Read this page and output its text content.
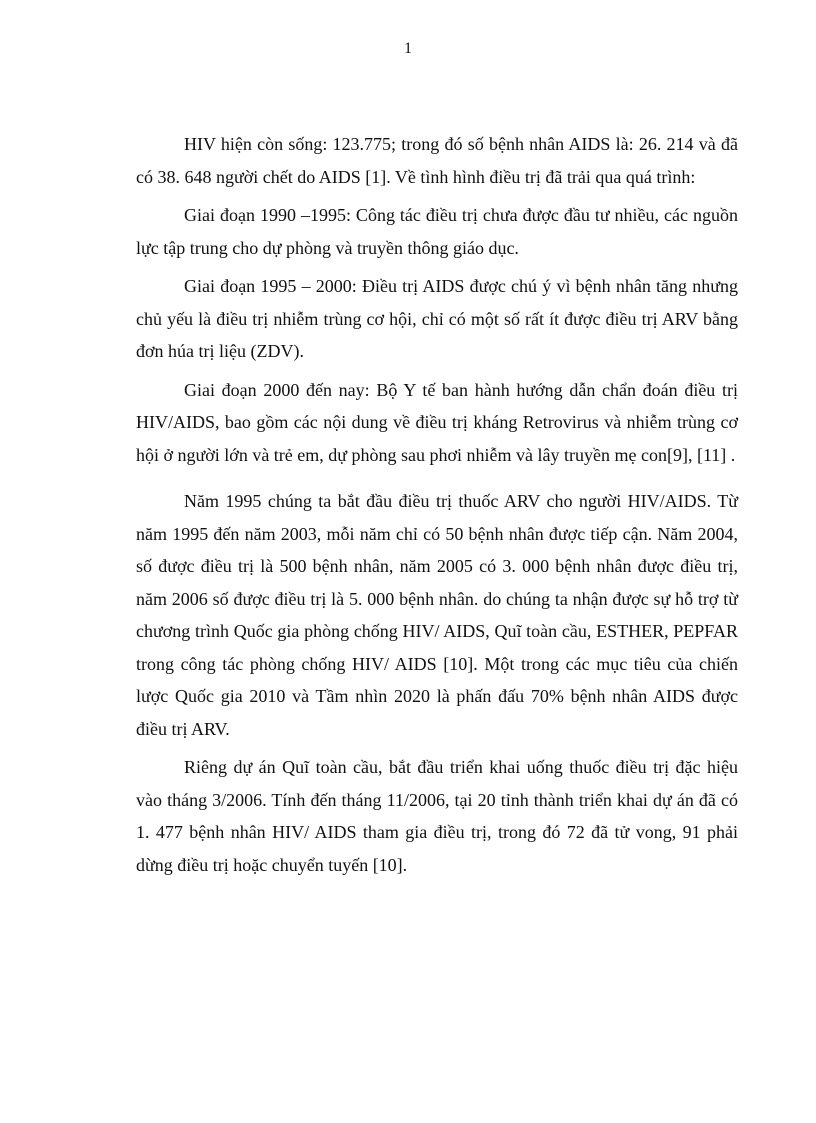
1

HIV hiện còn sống: 123.775; trong đó số bệnh nhân AIDS là: 26. 214 và đã có 38. 648 người chết do AIDS [1]. Về tình hình điều trị đã trải qua quá trình:

Giai đoạn 1990 –1995: Công tác điều trị chưa được đầu tư nhiều, các nguồn lực tập trung cho dự phòng và truyền thông giáo dục.

Giai đoạn 1995 – 2000: Điều trị AIDS được chú ý vì bệnh nhân tăng nhưng chủ yếu là điều trị nhiễm trùng cơ hội, chỉ có một số rất ít được điều trị ARV bằng đơn húa trị liệu (ZDV).

Giai đoạn 2000 đến nay: Bộ Y tế ban hành hướng dẫn chẩn đoán điều trị HIV/AIDS, bao gồm các nội dung về điều trị kháng Retrovirus và nhiễm trùng cơ hội ở người lớn và trẻ em, dự phòng sau phơi nhiễm và lây truyền mẹ con[9], [11] .

Năm 1995 chúng ta bắt đầu điều trị thuốc ARV cho người HIV/AIDS. Từ năm 1995 đến năm 2003, mỗi năm chỉ có 50 bệnh nhân được tiếp cận. Năm 2004, số được điều trị là 500 bệnh nhân, năm 2005 có 3. 000 bệnh nhân được điều trị, năm 2006 số được điều trị là 5. 000 bệnh nhân. do chúng ta nhận được sự hỗ trợ từ chương trình Quốc gia phòng chống HIV/ AIDS, Quĩ toàn cầu, ESTHER, PEPFAR trong công tác phòng chống HIV/ AIDS [10]. Một trong các mục tiêu của chiến lược Quốc gia 2010 và Tầm nhìn 2020 là phấn đấu 70% bệnh nhân AIDS được điều trị ARV.

Riêng dự án Quĩ toàn cầu, bắt đầu triển khai uống thuốc điều trị đặc hiệu vào tháng 3/2006. Tính đến tháng 11/2006, tại 20 tỉnh thành triển khai dự án đã có 1. 477 bệnh nhân HIV/ AIDS tham gia điều trị, trong đó 72 đã tử vong, 91 phải dừng điều trị hoặc chuyển tuyến [10].
